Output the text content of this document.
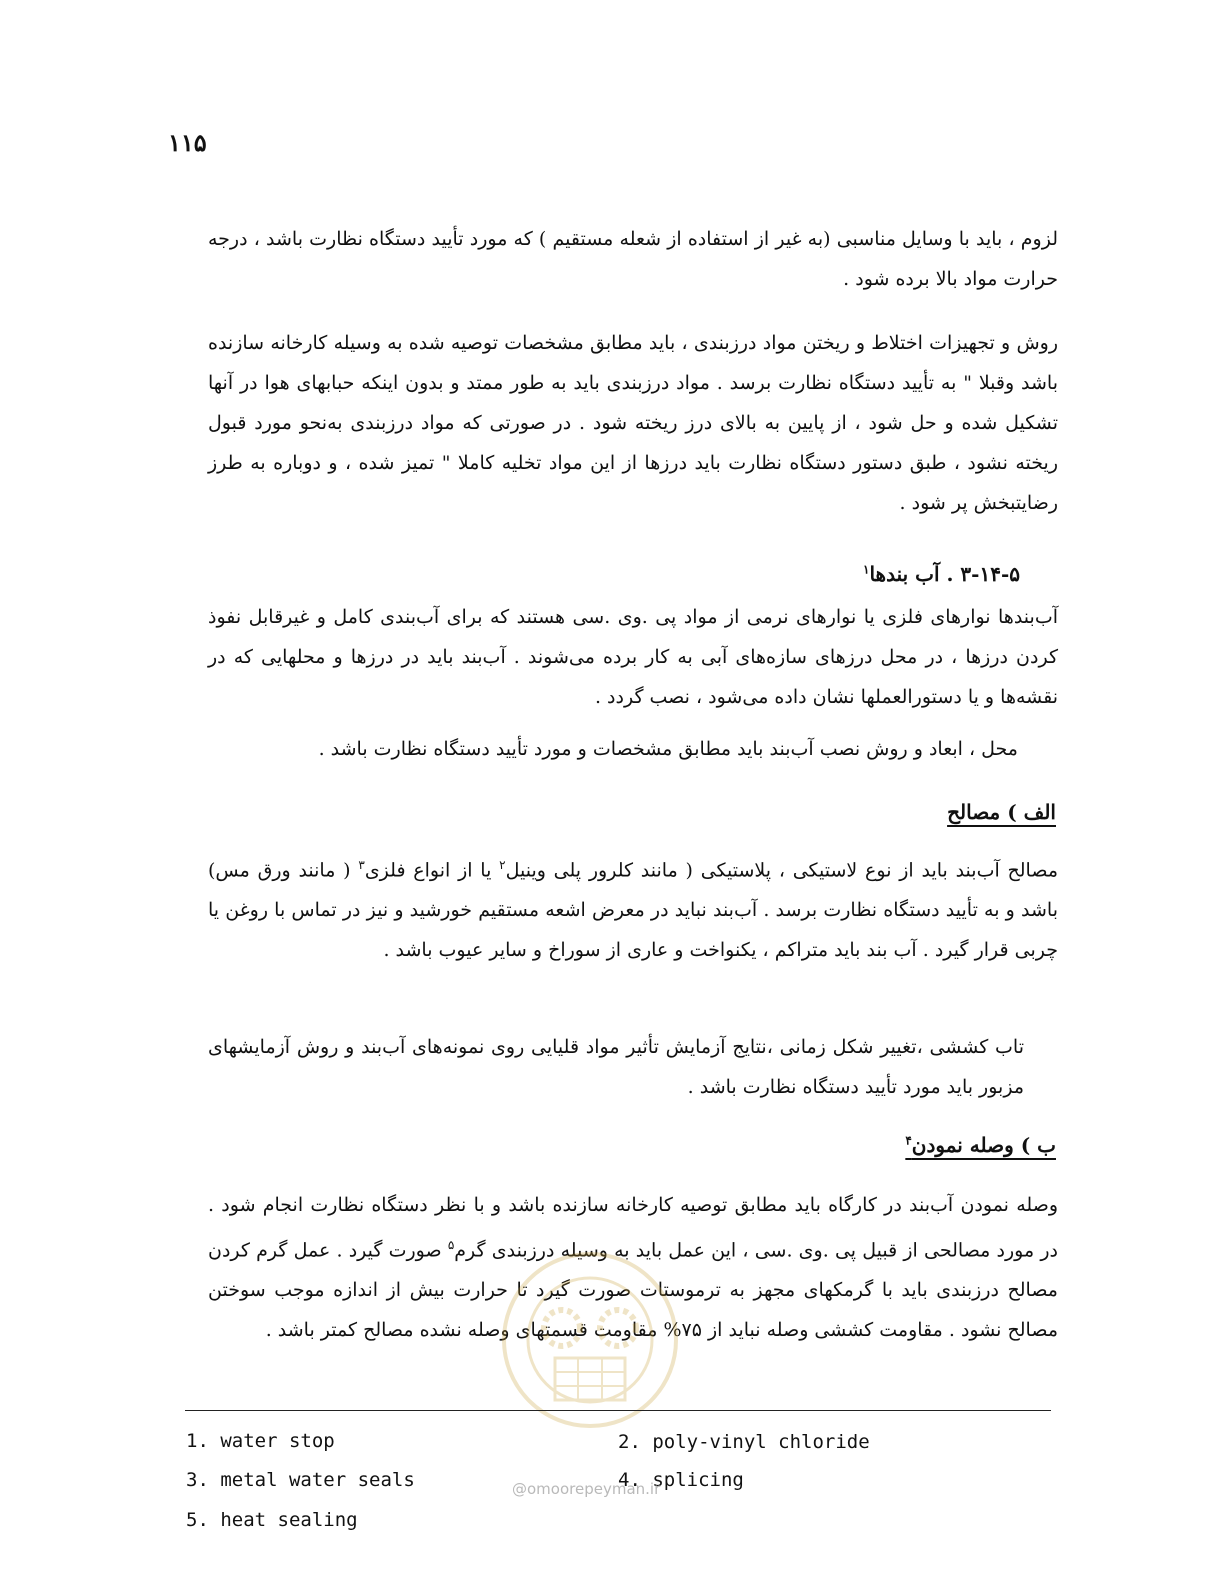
۱۱۵

لزوم ، باید با وسایل مناسبی (به غیر از استفاده از شعله مستقیم ) که مورد تأیید دستگاه نظارت باشد ، درجه حرارت مواد بالا برده شود .

روش و تجهیزات اختلاط و ریختن مواد درزبندی ، باید مطابق مشخصات توصیه شده به وسیله کارخانه سازنده باشد وقبلا " به تأیید دستگاه نظارت برسد . مواد درزبندی باید به طور ممتد و بدون اینکه حبابهای هوا در آنها تشکیل شده و حل شود ، از پایین به بالای درز ریخته شود . در صورتی که مواد درزبندی به‌نحو مورد قبول ریخته نشود ، طبق دستور دستگاه نظارت باید درزها از این مواد تخلیه کاملا " تمیز شده ، و دوباره به طرز رضایتبخش پر شود .

۳-۱۴-۵ . آب بندها$^۱$

آب‌بندها نوارهای فلزی یا نوارهای نرمی از مواد پی .وی .سی هستند که برای آب‌بندی کامل و غیرقابل نفوذ کردن درزها ، در محل درزهای سازه‌های آبی به کار برده می‌شوند . آب‌بند باید در درزها و محلهایی که در نقشه‌ها و یا دستورالعملها نشان داده می‌شود ، نصب گردد .

محل ، ابعاد و روش نصب آب‌بند باید مطابق مشخصات و مورد تأیید دستگاه نظارت باشد .

الف ) مصالح

مصالح آب‌بند باید از نوع لاستیکی ، پلاستیکی ( مانند کلرور پلی وینیل$^۲$ یا از انواع فلزی$^۳$ ( مانند ورق مس) باشد و به تأیید دستگاه نظارت برسد . آب‌بند نباید در معرض اشعه مستقیم خورشید و نیز در تماس با روغن یا چربی قرار گیرد . آب بند باید متراکم ، یکنواخت و عاری از سوراخ و سایر عیوب باشد .

تاب کششی ،تغییر شکل زمانی ،نتایج آزمایش تأثیر مواد قلیایی روی نمونه‌های آب‌بند و روش آزمایشهای مزبور باید مورد تأیید دستگاه نظارت باشد .

ب ) وصله نمودن$^۴$

وصله نمودن آب‌بند در کارگاه باید مطابق توصیه کارخانه سازنده باشد و با نظر دستگاه نظارت انجام شود . در مورد مصالحی از قبیل پی .وی .سی ، این عمل باید به وسیله درزبندی گرم$^۵$ صورت گیرد . عمل گرم کردن مصالح درزبندی باید با گرمکهای مجهز به ترموستات صورت گیرد تا حرارت بیش از اندازه موجب سوختن مصالح نشود . مقاومت کششی وصله نباید از ۷۵% مقاومت قسمتهای وصله نشده مصالح کمتر باشد .

1. water stop	2. poly-vinyl chloride
3. metal water seals	4. splicing
5. heat sealing
@omoorepeyman.ir
